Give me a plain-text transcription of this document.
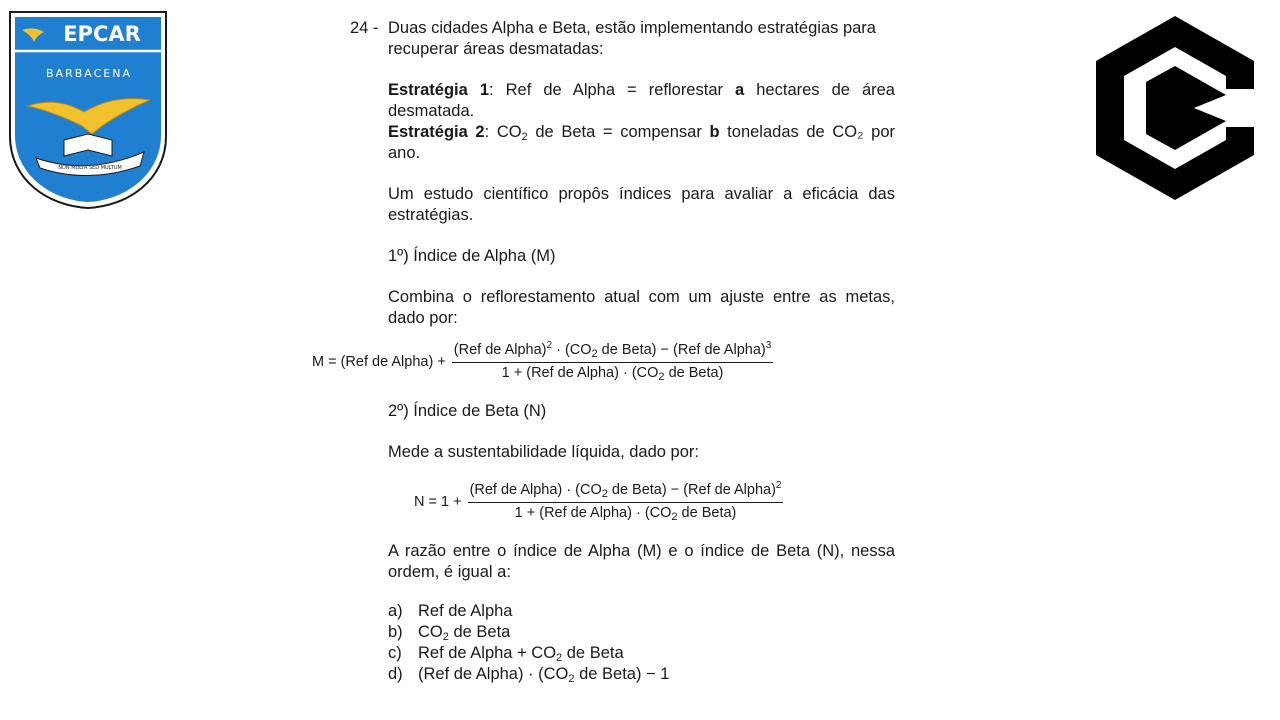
EPCAR
BARBACENA
NON MULTA SED MULTUM
24 - Duas cidades Alpha e Beta, estão implementando estratégias para recuperar áreas desmatadas:
Estratégia 1: Ref de Alpha = reflorestar a hectares de área desmatada.
Estratégia 2: $CO_2$ de Beta = compensar b toneladas de CO₂ por ano.
Um estudo científico propôs índices para avaliar a eficácia das estratégias.
1º) Índice de Alpha (M)
Combina o reflorestamento atual com um ajuste entre as metas, dado por:
M = (Ref de Alpha) + $\frac{(Ref de Alpha)^2 \cdot (CO_2 de Beta) - (Ref de Alpha)^3}{1 + (Ref de Alpha) \cdot (CO_2 de Beta)}$
2º) Índice de Beta (N)
Mede a sustentabilidade líquida, dado por:
$N = 1 + \frac{(Ref de Alpha) \cdot (CO_2 de Beta) - (Ref de Alpha)^2}{1 + (Ref de Alpha) \cdot (CO_2 de Beta)}$
A razão entre o índice de Alpha (M) e o índice de Beta (N), nessa ordem, é igual a:
a) Ref de Alpha
b) $CO_2$ de Beta
c) Ref de Alpha + $CO_2$ de Beta
d) (Ref de Alpha) · ($CO_2$ de Beta) − 1
